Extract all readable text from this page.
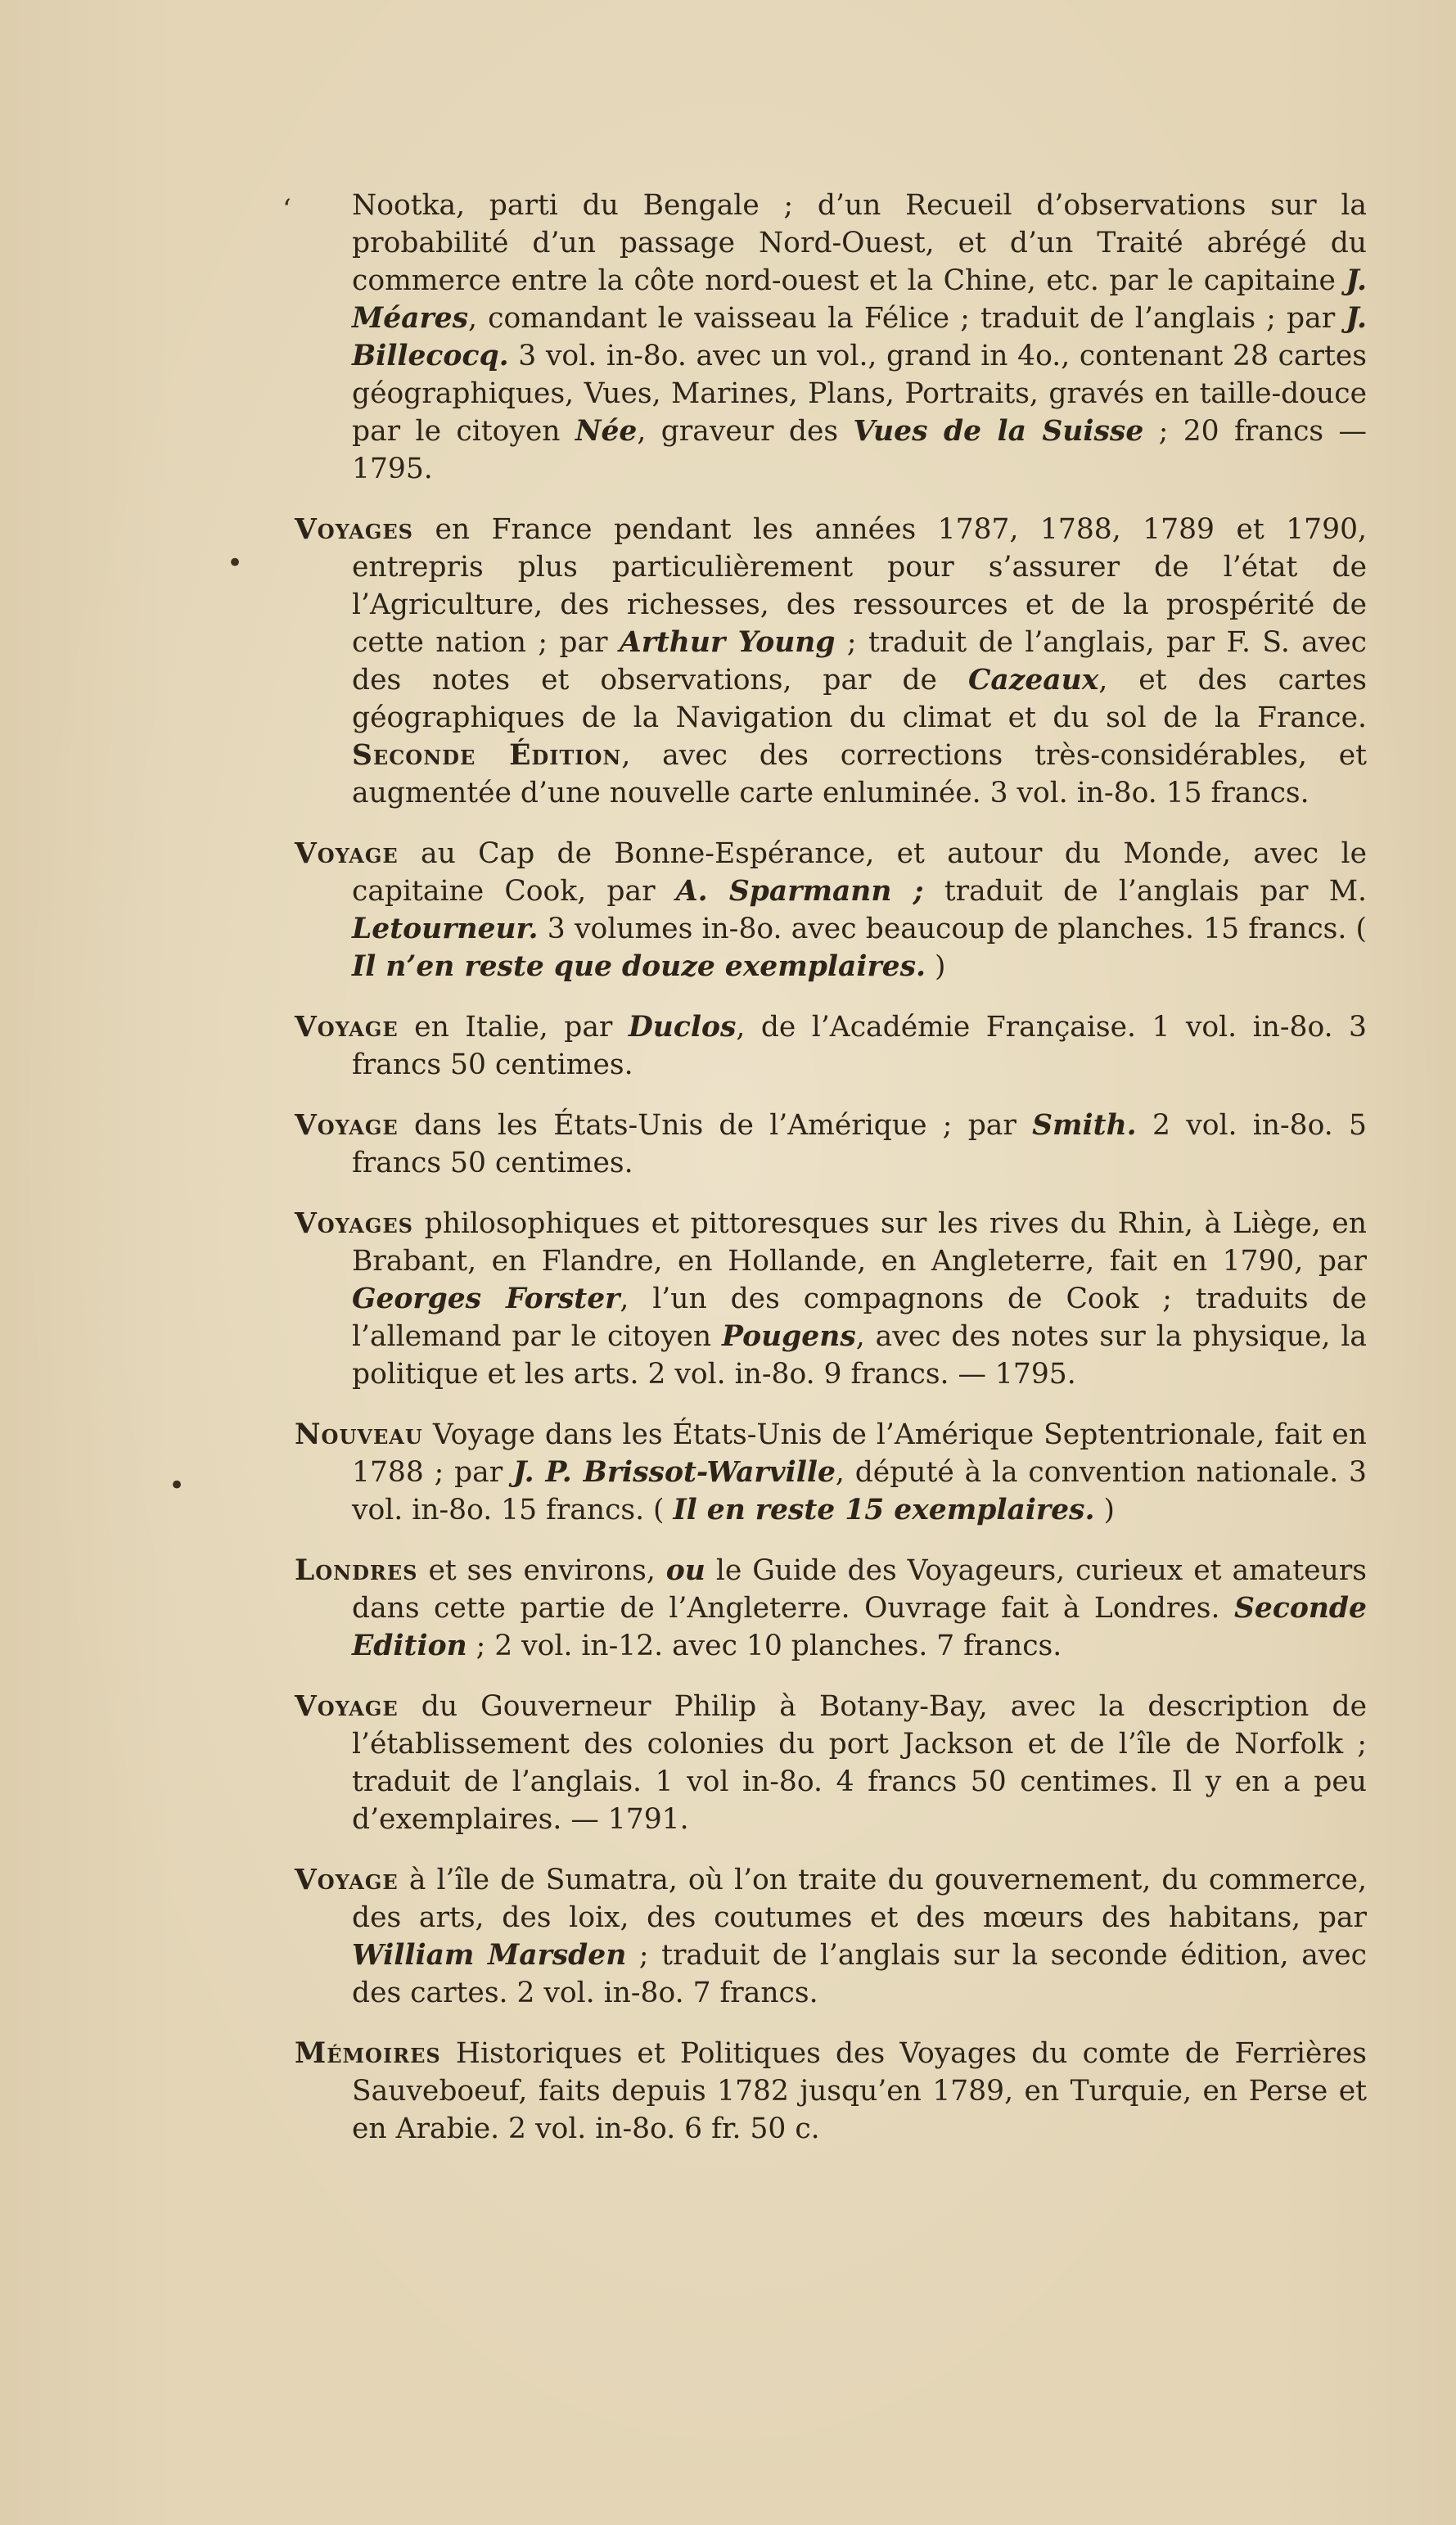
‘
•
•

Nootka, parti du Bengale ; d’un Recueil d’observations sur la probabilité d’un passage Nord-Ouest, et d’un Traité abrégé du commerce entre la côte nord-ouest et la Chine, etc. par le capitaine J. Méares, comandant le vaisseau la Félice ; traduit de l’anglais ; par J. Billecocq. 3 vol. in-8o. avec un vol., grand in 4o., contenant 28 cartes géographiques, Vues, Marines, Plans, Portraits, gravés en taille-douce par le citoyen Née, graveur des Vues de la Suisse ; 20 francs — 1795.

Voyages en France pendant les années 1787, 1788, 1789 et 1790, entrepris plus particulièrement pour s’assurer de l’état de l’Agriculture, des richesses, des ressources et de la prospérité de cette nation ; par Arthur Young ; traduit de l’anglais, par F. S. avec des notes et observations, par de Cazeaux, et des cartes géographiques de la Navigation du climat et du sol de la France. Seconde Édition, avec des corrections très-considérables, et augmentée d’une nouvelle carte enluminée. 3 vol. in-8o. 15 francs.

Voyage au Cap de Bonne-Espérance, et autour du Monde, avec le capitaine Cook, par A. Sparmann ; traduit de l’anglais par M. Letourneur. 3 volumes in-8o. avec beaucoup de planches. 15 francs. ( Il n’en reste que douze exemplaires. )

Voyage en Italie, par Duclos, de l’Académie Française. 1 vol. in-8o. 3 francs 50 centimes.

Voyage dans les États-Unis de l’Amérique ; par Smith. 2 vol. in-8o. 5 francs 50 centimes.

Voyages philosophiques et pittoresques sur les rives du Rhin, à Liège, en Brabant, en Flandre, en Hollande, en Angleterre, fait en 1790, par Georges Forster, l’un des compagnons de Cook ; traduits de l’allemand par le citoyen Pougens, avec des notes sur la physique, la politique et les arts. 2 vol. in-8o. 9 francs. — 1795.

Nouveau Voyage dans les États-Unis de l’Amérique Septentrionale, fait en 1788 ; par J. P. Brissot-Warville, député à la convention nationale. 3 vol. in-8o. 15 francs. ( Il en reste 15 exemplaires. )

Londres et ses environs, ou le Guide des Voyageurs, curieux et amateurs dans cette partie de l’Angleterre. Ouvrage fait à Londres. Seconde Edition ; 2 vol. in-12. avec 10 planches. 7 francs.

Voyage du Gouverneur Philip à Botany-Bay, avec la description de l’établissement des colonies du port Jackson et de l’île de Norfolk ; traduit de l’anglais. 1 vol in-8o. 4 francs 50 centimes. Il y en a peu d’exemplaires. — 1791.

Voyage à l’île de Sumatra, où l’on traite du gouvernement, du commerce, des arts, des loix, des coutumes et des mœurs des habitans, par William Marsden ; traduit de l’anglais sur la seconde édition, avec des cartes. 2 vol. in-8o. 7 francs.

Mémoires Historiques et Politiques des Voyages du comte de Ferrières Sauveboeuf, faits depuis 1782 jusqu’en 1789, en Turquie, en Perse et en Arabie. 2 vol. in-8o. 6 fr. 50 c.
